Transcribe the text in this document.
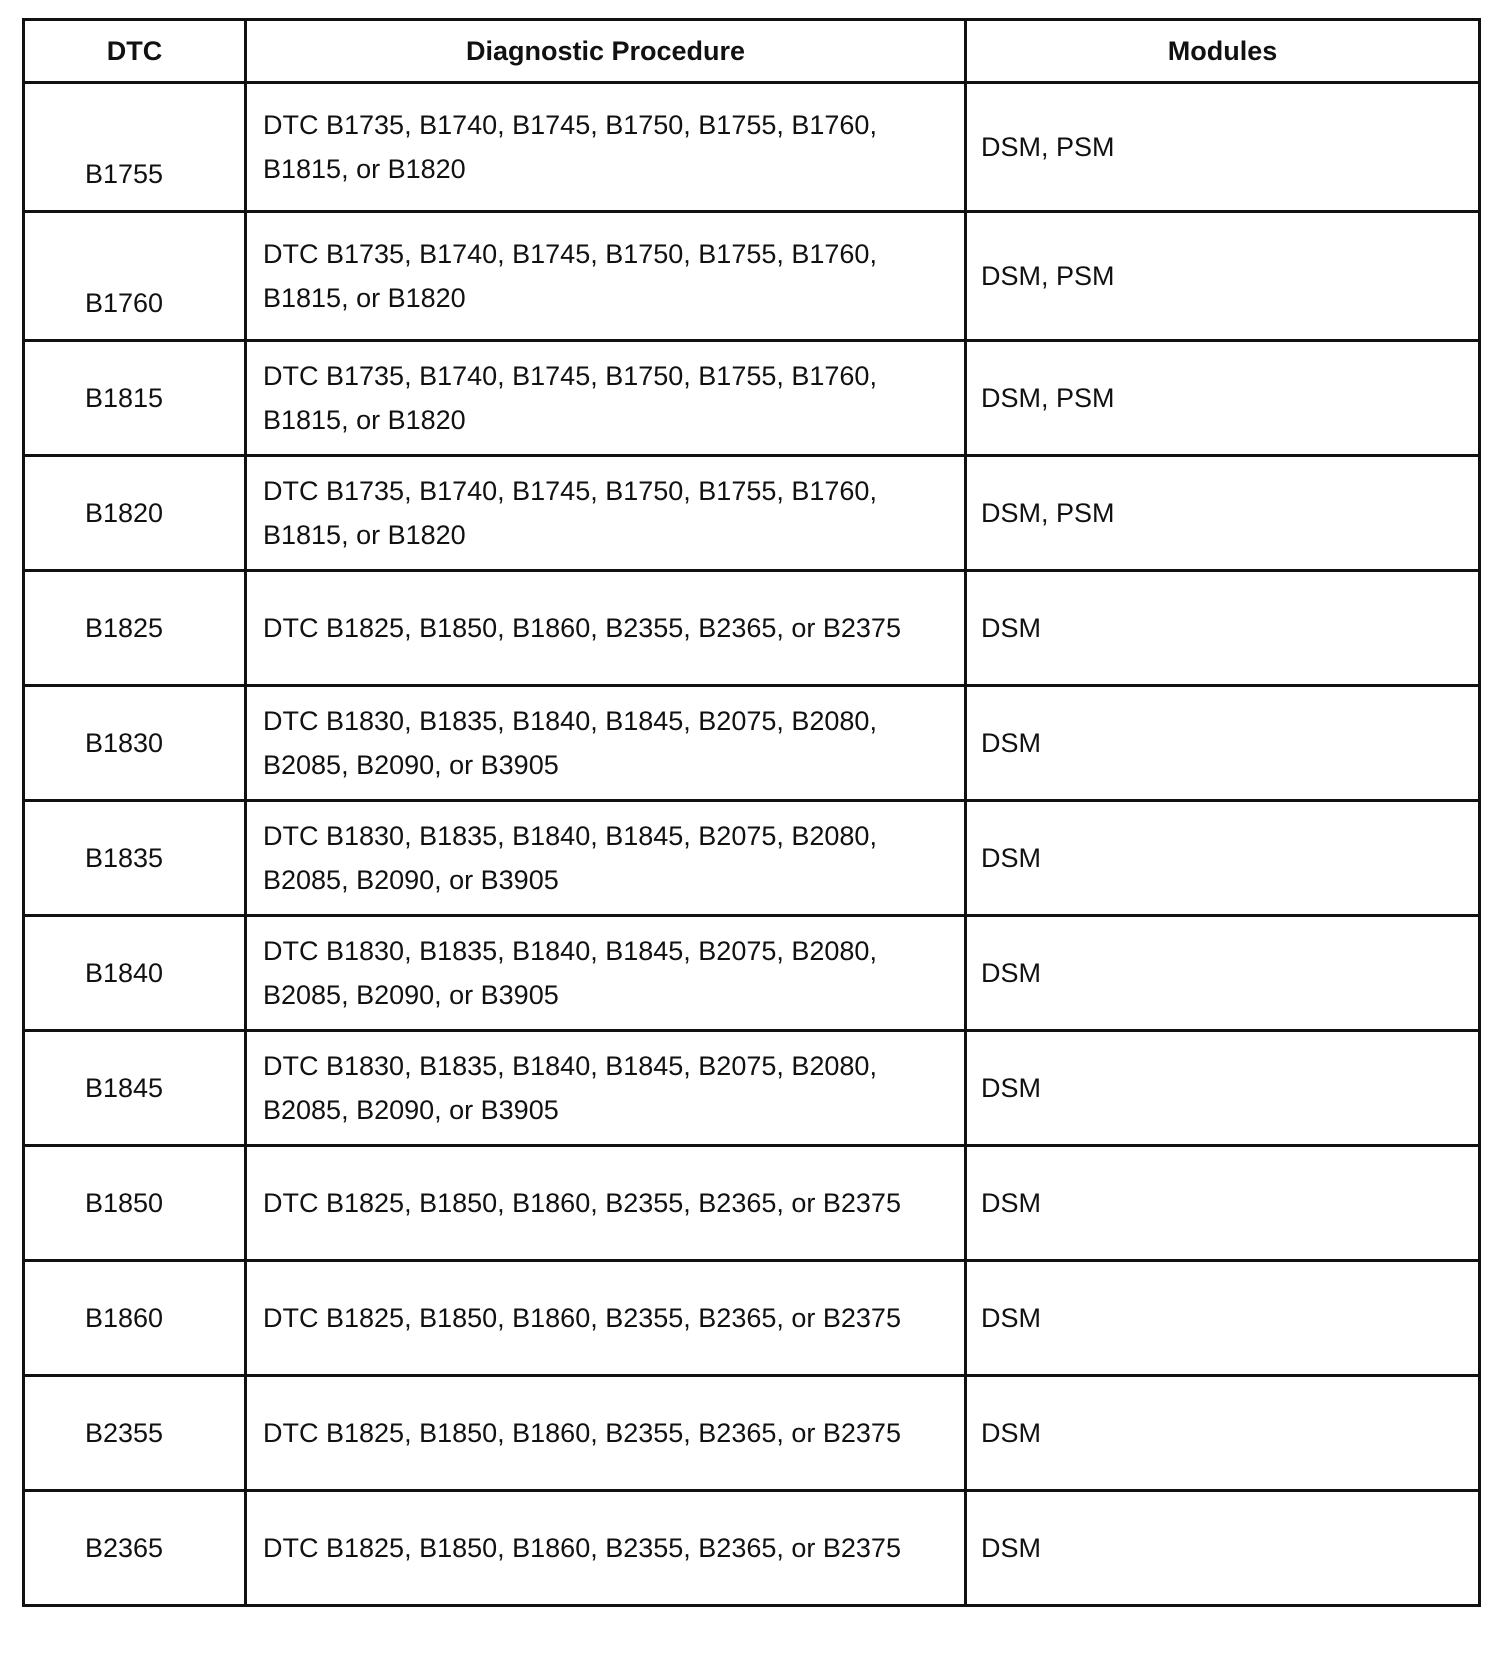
DTC	Diagnostic Procedure	Modules
B1755	DTC B1735, B1740, B1745, B1750, B1755, B1760, B1815, or B1820	DSM, PSM
B1760	DTC B1735, B1740, B1745, B1750, B1755, B1760, B1815, or B1820	DSM, PSM
B1815	DTC B1735, B1740, B1745, B1750, B1755, B1760, B1815, or B1820	DSM, PSM
B1820	DTC B1735, B1740, B1745, B1750, B1755, B1760, B1815, or B1820	DSM, PSM
B1825	DTC B1825, B1850, B1860, B2355, B2365, or B2375	DSM
B1830	DTC B1830, B1835, B1840, B1845, B2075, B2080, B2085, B2090, or B3905	DSM
B1835	DTC B1830, B1835, B1840, B1845, B2075, B2080, B2085, B2090, or B3905	DSM
B1840	DTC B1830, B1835, B1840, B1845, B2075, B2080, B2085, B2090, or B3905	DSM
B1845	DTC B1830, B1835, B1840, B1845, B2075, B2080, B2085, B2090, or B3905	DSM
B1850	DTC B1825, B1850, B1860, B2355, B2365, or B2375	DSM
B1860	DTC B1825, B1850, B1860, B2355, B2365, or B2375	DSM
B2355	DTC B1825, B1850, B1860, B2355, B2365, or B2375	DSM
B2365	DTC B1825, B1850, B1860, B2355, B2365, or B2375	DSM
